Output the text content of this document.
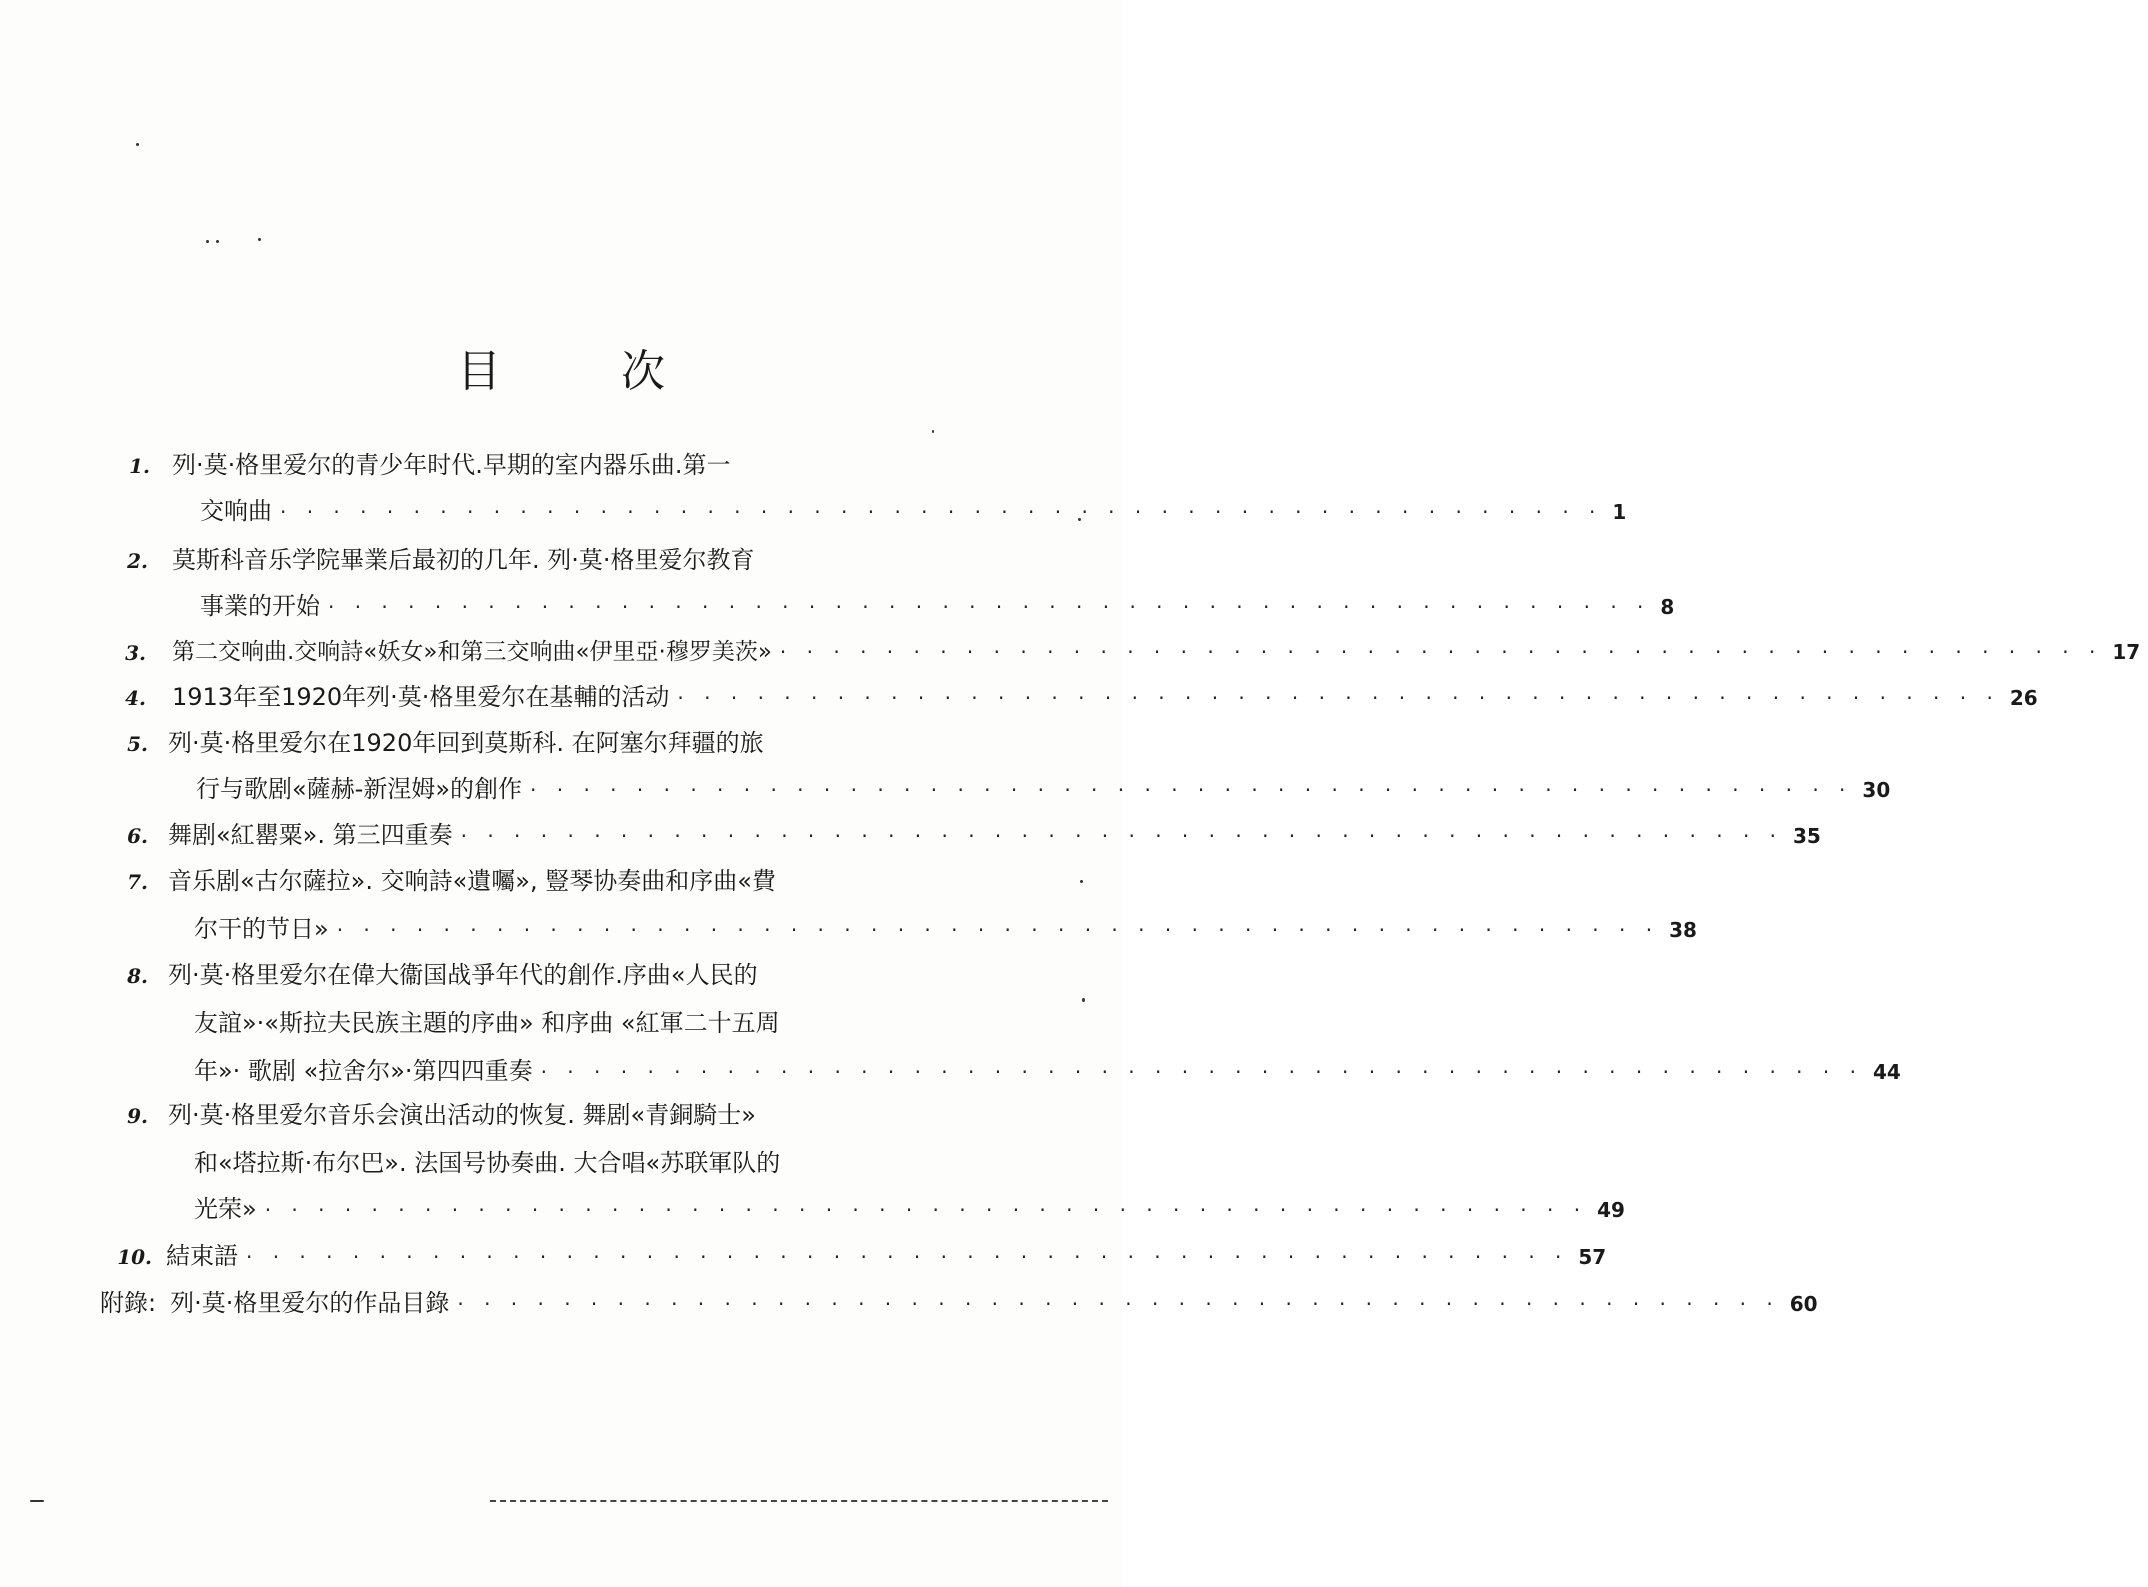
目	次
1. 列·莫·格里爱尔的青少年时代.早期的室内器乐曲.第一
交响曲 · · · · · · · · · · · · · · · · · · · · · · · · · · · · · · · · · · · · · · · · · · · · · · · · · · 1
2. 莫斯科音乐学院畢業后最初的几年. 列·莫·格里爱尔教育
事業的开始 · · · · · · · · · · · · · · · · · · · · · · · · · · · · · · · · · · · · · · · · · · · · · · · · · · 8
3. 第二交响曲.交响詩«妖女»和第三交响曲«伊里亞·穆罗美茨» · · · · · · · · · · · · · · · · · · · · · · · · · · · · · · · · · · · · · · · · · · · · · · · · · · 17
4. 1913年至1920年列·莫·格里爱尔在基輔的活动 · · · · · · · · · · · · · · · · · · · · · · · · · · · · · · · · · · · · · · · · · · · · · · · · · · 26
5. 列·莫·格里爱尔在1920年回到莫斯科. 在阿塞尔拜疆的旅
行与歌剧«薩赫-新涅姆»的創作 · · · · · · · · · · · · · · · · · · · · · · · · · · · · · · · · · · · · · · · · · · · · · · · · · · 30
6. 舞剧«紅罌粟». 第三四重奏 · · · · · · · · · · · · · · · · · · · · · · · · · · · · · · · · · · · · · · · · · · · · · · · · · · 35
7. 音乐剧«古尔薩拉». 交响詩«遺囑», 豎琴协奏曲和序曲«費
尔干的节日» · · · · · · · · · · · · · · · · · · · · · · · · · · · · · · · · · · · · · · · · · · · · · · · · · · 38
8. 列·莫·格里爱尔在偉大衞国战爭年代的創作.序曲«人民的
友誼»·«斯拉夫民族主題的序曲» 和序曲 «紅軍二十五周
年»· 歌剧 «拉舍尔»·第四四重奏 · · · · · · · · · · · · · · · · · · · · · · · · · · · · · · · · · · · · · · · · · · · · · · · · · · 44
9. 列·莫·格里爱尔音乐会演出活动的恢复. 舞剧«青銅騎士»
和«塔拉斯·布尔巴». 法国号协奏曲. 大合唱«苏联軍队的
光荣» · · · · · · · · · · · · · · · · · · · · · · · · · · · · · · · · · · · · · · · · · · · · · · · · · · 49
10. 結束語 · · · · · · · · · · · · · · · · · · · · · · · · · · · · · · · · · · · · · · · · · · · · · · · · · · 57
附錄: 列·莫·格里爱尔的作品目錄 · · · · · · · · · · · · · · · · · · · · · · · · · · · · · · · · · · · · · · · · · · · · · · · · · · 60
